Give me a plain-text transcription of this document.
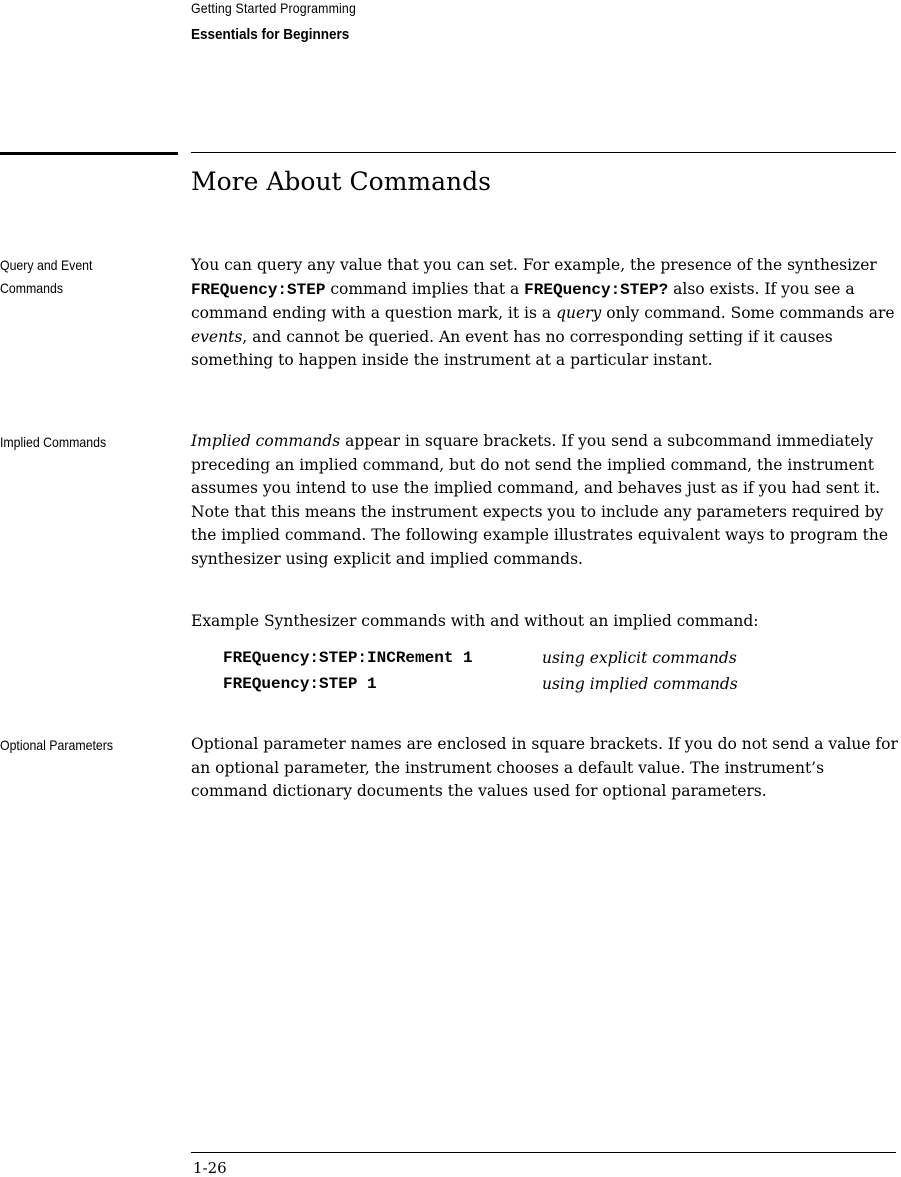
Getting Started Programming
Essentials for Beginners
More About Commands
Query and Event
Commands
You can query any value that you can set. For example, the presence of the synthesizer FREQuency:STEP command implies that a FREQuency:STEP? also exists. If you see a command ending with a question mark, it is a query only command. Some commands are events, and cannot be queried. An event has no corresponding setting if it causes something to happen inside the instrument at a particular instant.
Implied Commands	Implied commands appear in square brackets. If you send a subcommand immediately preceding an implied command, but do not send the implied command, the instrument assumes you intend to use the implied command, and behaves just as if you had sent it. Note that this means the instrument expects you to include any parameters required by the implied command. The following example illustrates equivalent ways to program the synthesizer using explicit and implied commands.
Example Synthesizer commands with and without an implied command:
FREQuency:STEP:INCRement 1	using explicit commands
FREQuency:STEP 1	using implied commands
Optional Parameters	Optional parameter names are enclosed in square brackets. If you do not send a value for an optional parameter, the instrument chooses a default value. The instrument’s command dictionary documents the values used for optional parameters.
1-26
